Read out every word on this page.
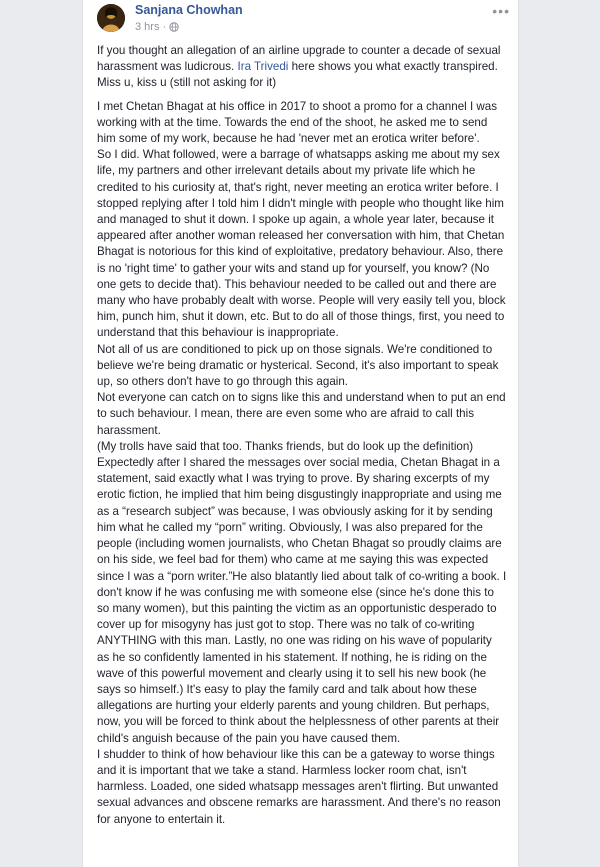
Sanjana Chowhan
3 hrs ·
•••

If you thought an allegation of an airline upgrade to counter a decade of sexual harassment was ludicrous. Ira Trivedi here shows you what exactly transpired. Miss u, kiss u (still not asking for it)

I met Chetan Bhagat at his office in 2017 to shoot a promo for a channel I was working with at the time. Towards the end of the shoot, he asked me to send him some of my work, because he had 'never met an erotica writer before'.

So I did. What followed, were a barrage of whatsapps asking me about my sex life, my partners and other irrelevant details about my private life which he credited to his curiosity at, that's right, never meeting an erotica writer before. I stopped replying after I told him I didn't mingle with people who thought like him and managed to shut it down. I spoke up again, a whole year later, because it appeared after another woman released her conversation with him, that Chetan Bhagat is notorious for this kind of exploitative, predatory behaviour. Also, there is no 'right time' to gather your wits and stand up for yourself, you know? (No one gets to decide that). This behaviour needed to be called out and there are many who have probably dealt with worse. People will very easily tell you, block him, punch him, shut it down, etc. But to do all of those things, first, you need to understand that this behaviour is inappropriate.

Not all of us are conditioned to pick up on those signals. We're conditioned to believe we're being dramatic or hysterical. Second, it's also important to speak up, so others don't have to go through this again.

Not everyone can catch on to signs like this and understand when to put an end to such behaviour. I mean, there are even some who are afraid to call this harassment.

(My trolls have said that too. Thanks friends, but do look up the definition)

Expectedly after I shared the messages over social media, Chetan Bhagat in a statement, said exactly what I was trying to prove. By sharing excerpts of my erotic fiction, he implied that him being disgustingly inappropriate and using me as a “research subject” was because, I was obviously asking for it by sending him what he called my “porn” writing. Obviously, I was also prepared for the people (including women journalists, who Chetan Bhagat so proudly claims are on his side, we feel bad for them) who came at me saying this was expected since I was a “porn writer.”He also blatantly lied about talk of co-writing a book. I don't know if he was confusing me with someone else (since he's done this to so many women), but this painting the victim as an opportunistic desperado to cover up for misogyny has just got to stop. There was no talk of co-writing ANYTHING with this man. Lastly, no one was riding on his wave of popularity as he so confidently lamented in his statement. If nothing, he is riding on the wave of this powerful movement and clearly using it to sell his new book (he says so himself.) It's easy to play the family card and talk about how these allegations are hurting your elderly parents and young children. But perhaps, now, you will be forced to think about the helplessness of other parents at their child's anguish because of the pain you have caused them.

I shudder to think of how behaviour like this can be a gateway to worse things and it is important that we take a stand. Harmless locker room chat, isn't harmless. Loaded, one sided whatsapp messages aren't flirting. But unwanted sexual advances and obscene remarks are harassment. And there's no reason for anyone to entertain it.
